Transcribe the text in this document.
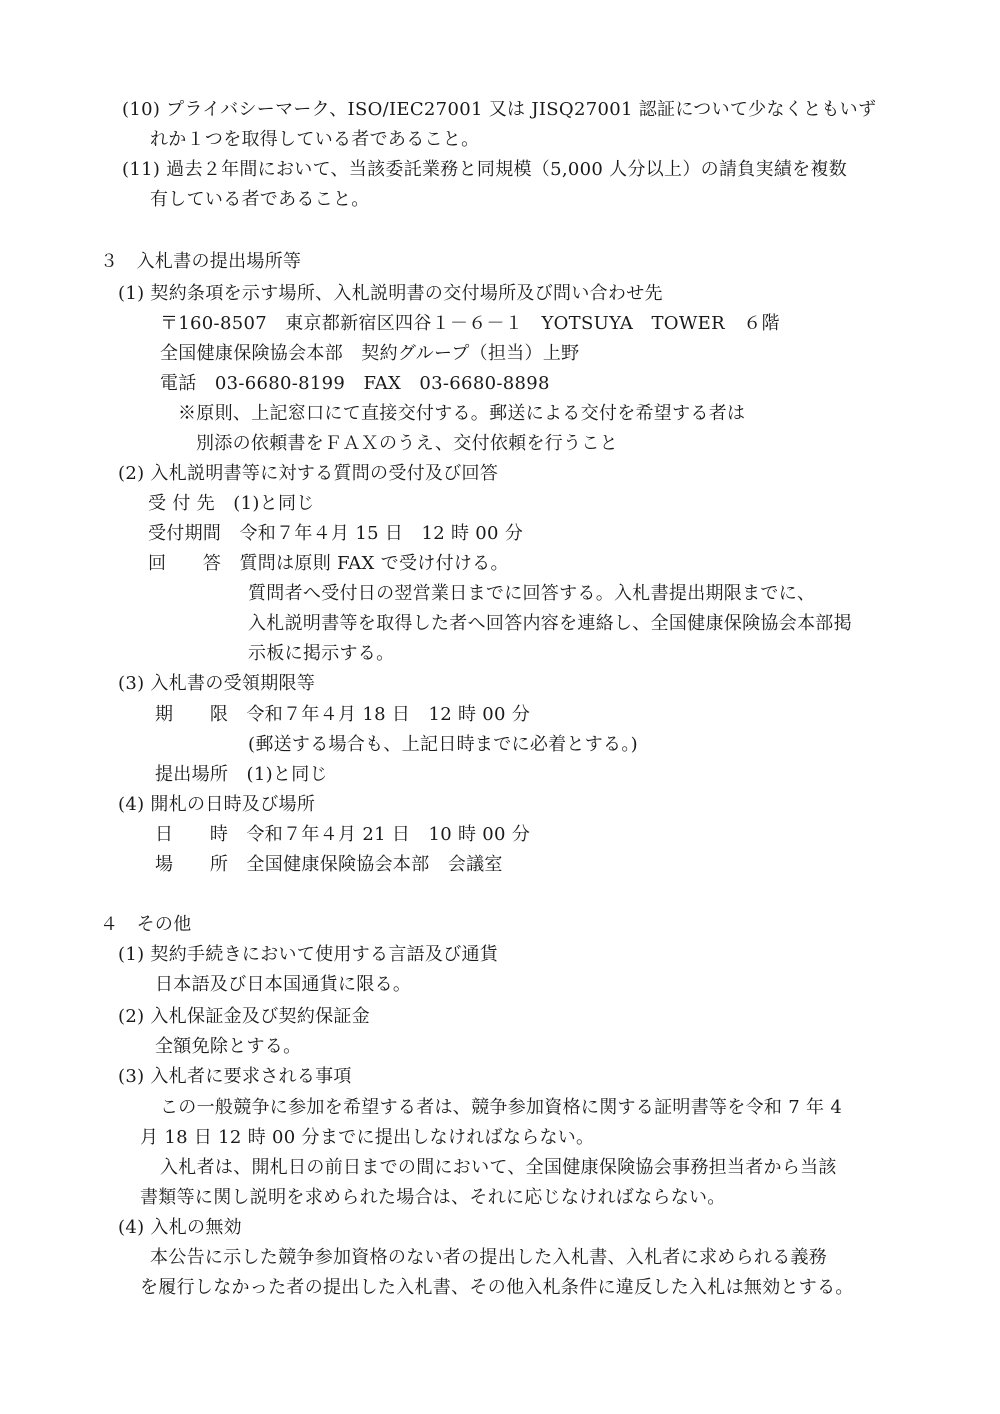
(10) プライバシーマーク、ISO/IEC27001 又は JISQ27001 認証について少なくともいず
れか１つを取得している者であること。
(11) 過去２年間において、当該委託業務と同規模（5,000 人分以上）の請負実績を複数
有している者であること。
３　入札書の提出場所等
(1) 契約条項を示す場所、入札説明書の交付場所及び問い合わせ先
〒160-8507　東京都新宿区四谷１－６－１　YOTSUYA　TOWER　６階
全国健康保険協会本部　契約グループ（担当）上野
電話　03-6680-8199　FAX　03-6680-8898
※原則、上記窓口にて直接交付する。郵送による交付を希望する者は
別添の依頼書をＦＡＸのうえ、交付依頼を行うこと
(2) 入札説明書等に対する質問の受付及び回答
受 付 先　(1)と同じ
受付期間　令和７年４月 15 日　12 時 00 分
回　　答　質問は原則 FAX で受け付ける。
質問者へ受付日の翌営業日までに回答する。入札書提出期限までに、
入札説明書等を取得した者へ回答内容を連絡し、全国健康保険協会本部掲
示板に掲示する。
(3) 入札書の受領期限等
期　　限　令和７年４月 18 日　12 時 00 分
(郵送する場合も、上記日時までに必着とする。)
提出場所　(1)と同じ
(4) 開札の日時及び場所
日　　時　令和７年４月 21 日　10 時 00 分
場　　所　全国健康保険協会本部　会議室
４　その他
(1) 契約手続きにおいて使用する言語及び通貨
日本語及び日本国通貨に限る。
(2) 入札保証金及び契約保証金
全額免除とする。
(3) 入札者に要求される事項
この一般競争に参加を希望する者は、競争参加資格に関する証明書等を令和 7 年 4
月 18 日 12 時 00 分までに提出しなければならない。
入札者は、開札日の前日までの間において、全国健康保険協会事務担当者から当該
書類等に関し説明を求められた場合は、それに応じなければならない。
(4) 入札の無効
本公告に示した競争参加資格のない者の提出した入札書、入札者に求められる義務
を履行しなかった者の提出した入札書、その他入札条件に違反した入札は無効とする。
